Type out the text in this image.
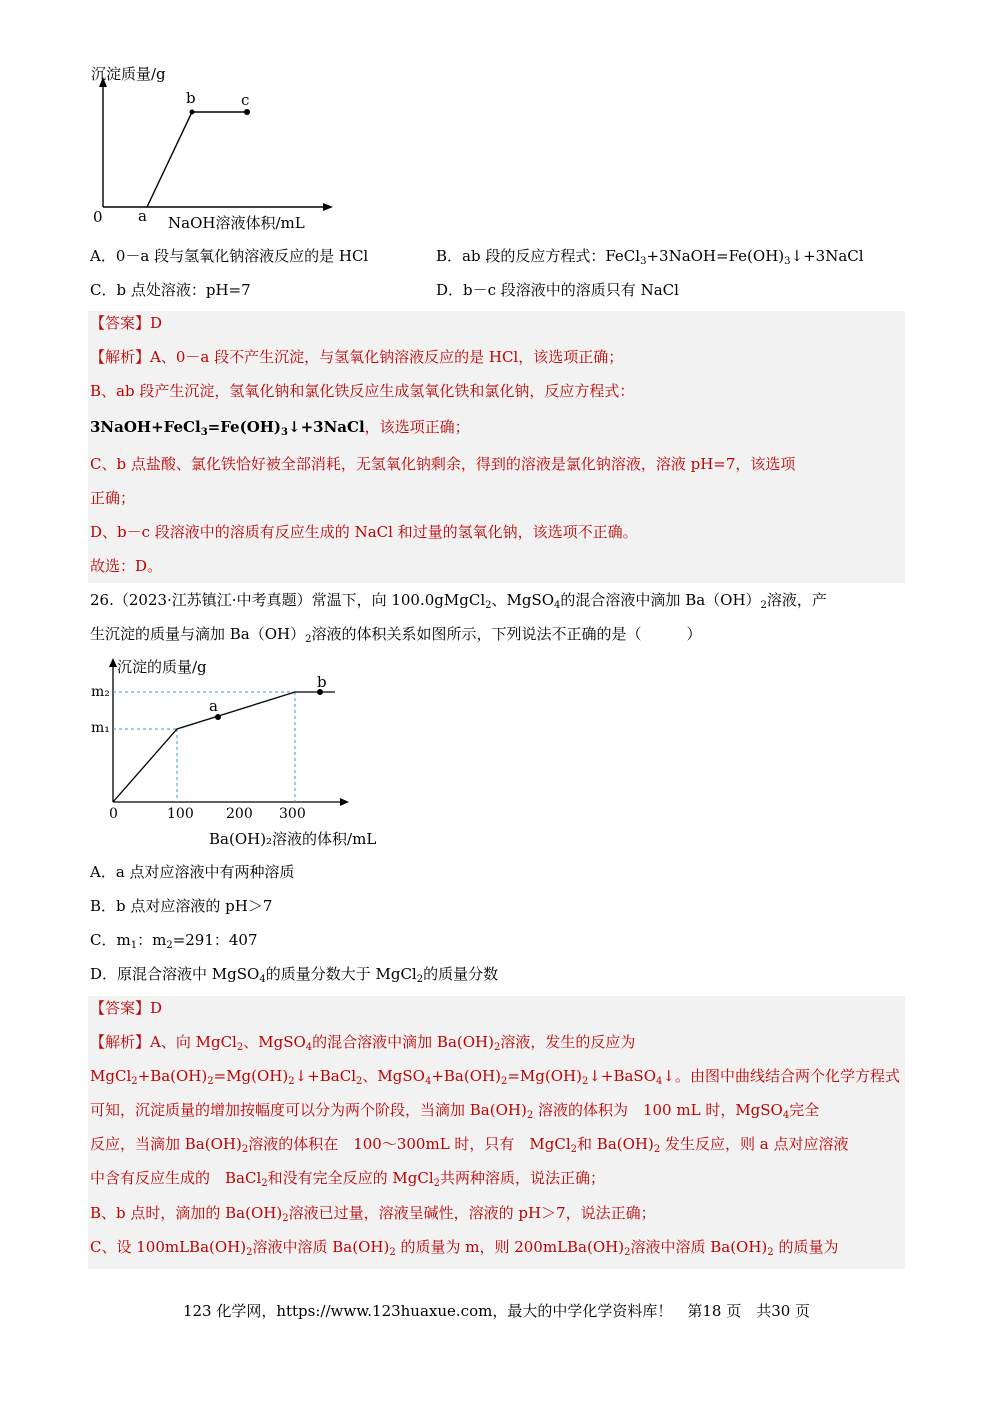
沉淀质量/g
0 a
b	c
NaOH溶液体积/mL
A．0－a 段与氢氧化钠溶液反应的是 HCl	B．ab 段的反应方程式：$FeCl_3+3NaOH=Fe(OH)_3↓+3NaCl$
C．b 点处溶液：pH=7	D．b－c 段溶液中的溶质只有 NaCl
【答案】D
【解析】A、0－a 段不产生沉淀，与氢氧化钠溶液反应的是 HCl，该选项正确；
B、ab 段产生沉淀，氢氧化钠和氯化铁反应生成氢氧化铁和氯化钠，反应方程式：
$3NaOH+FeCl_3=Fe(OH)_3↓+3NaCl$，该选项正确；
C、b 点盐酸、氯化铁恰好被全部消耗，无氢氧化钠剩余，得到的溶液是氯化钠溶液，溶液 pH=7，该选项
正确；
D、b－c 段溶液中的溶质有反应生成的 NaCl 和过量的氢氧化钠，该选项不正确。
故选：D。
26.（2023·江苏镇江·中考真题）常温下，向 100.0gMgCl$_2$、MgSO$_4$的混合溶液中滴加 $Ba(OH)_2$溶液，产
生沉淀的质量与滴加 $Ba(OH)_2$溶液的体积关系如图所示，下列说法不正确的是（　　　）
沉淀的质量/g
m₂
m₁
0	100 200 300
a
b
Ba(OH)₂溶液的体积/mL
A．a 点对应溶液中有两种溶质
B．b 点对应溶液的 pH＞7
C．$m_1$：$m_2=291$：407
D．原混合溶液中 MgSO$_4$的质量分数大于 MgCl$_2$的质量分数
【答案】D
【解析】A、向 MgCl$_2$、MgSO$_4$的混合溶液中滴加 $Ba(OH)_2$溶液，发生的反应为
$MgCl_2+Ba(OH)_2=Mg(OH)_2↓+BaCl_2$、$MgSO_4+Ba(OH)_2=Mg(OH)_2↓+BaSO_4↓$。由图中曲线结合两个化学方程式
可知，沉淀质量的增加按幅度可以分为两个阶段，当滴加 $Ba(OH)_2$ 溶液的体积为　100 mL 时，MgSO$_4$完全
反应，当滴加 $Ba(OH)_2$溶液的体积在　100～300mL 时，只有　MgCl$_2$和 $Ba(OH)_2$ 发生反应，则 a 点对应溶液
中含有反应生成的　BaCl$_2$和没有完全反应的 MgCl$_2$共两种溶质，说法正确；
B、b 点时，滴加的 $Ba(OH)_2$溶液已过量，溶液呈碱性，溶液的 pH＞7，说法正确；
C、设 $100mLBa(OH)_2$溶液中溶质 $Ba(OH)_2$ 的质量为 m，则 $200mLBa(OH)_2$溶液中溶质 $Ba(OH)_2$ 的质量为
123 化学网，https://www.123huaxue.com，最大的中学化学资料库！　第18 页　共30 页
